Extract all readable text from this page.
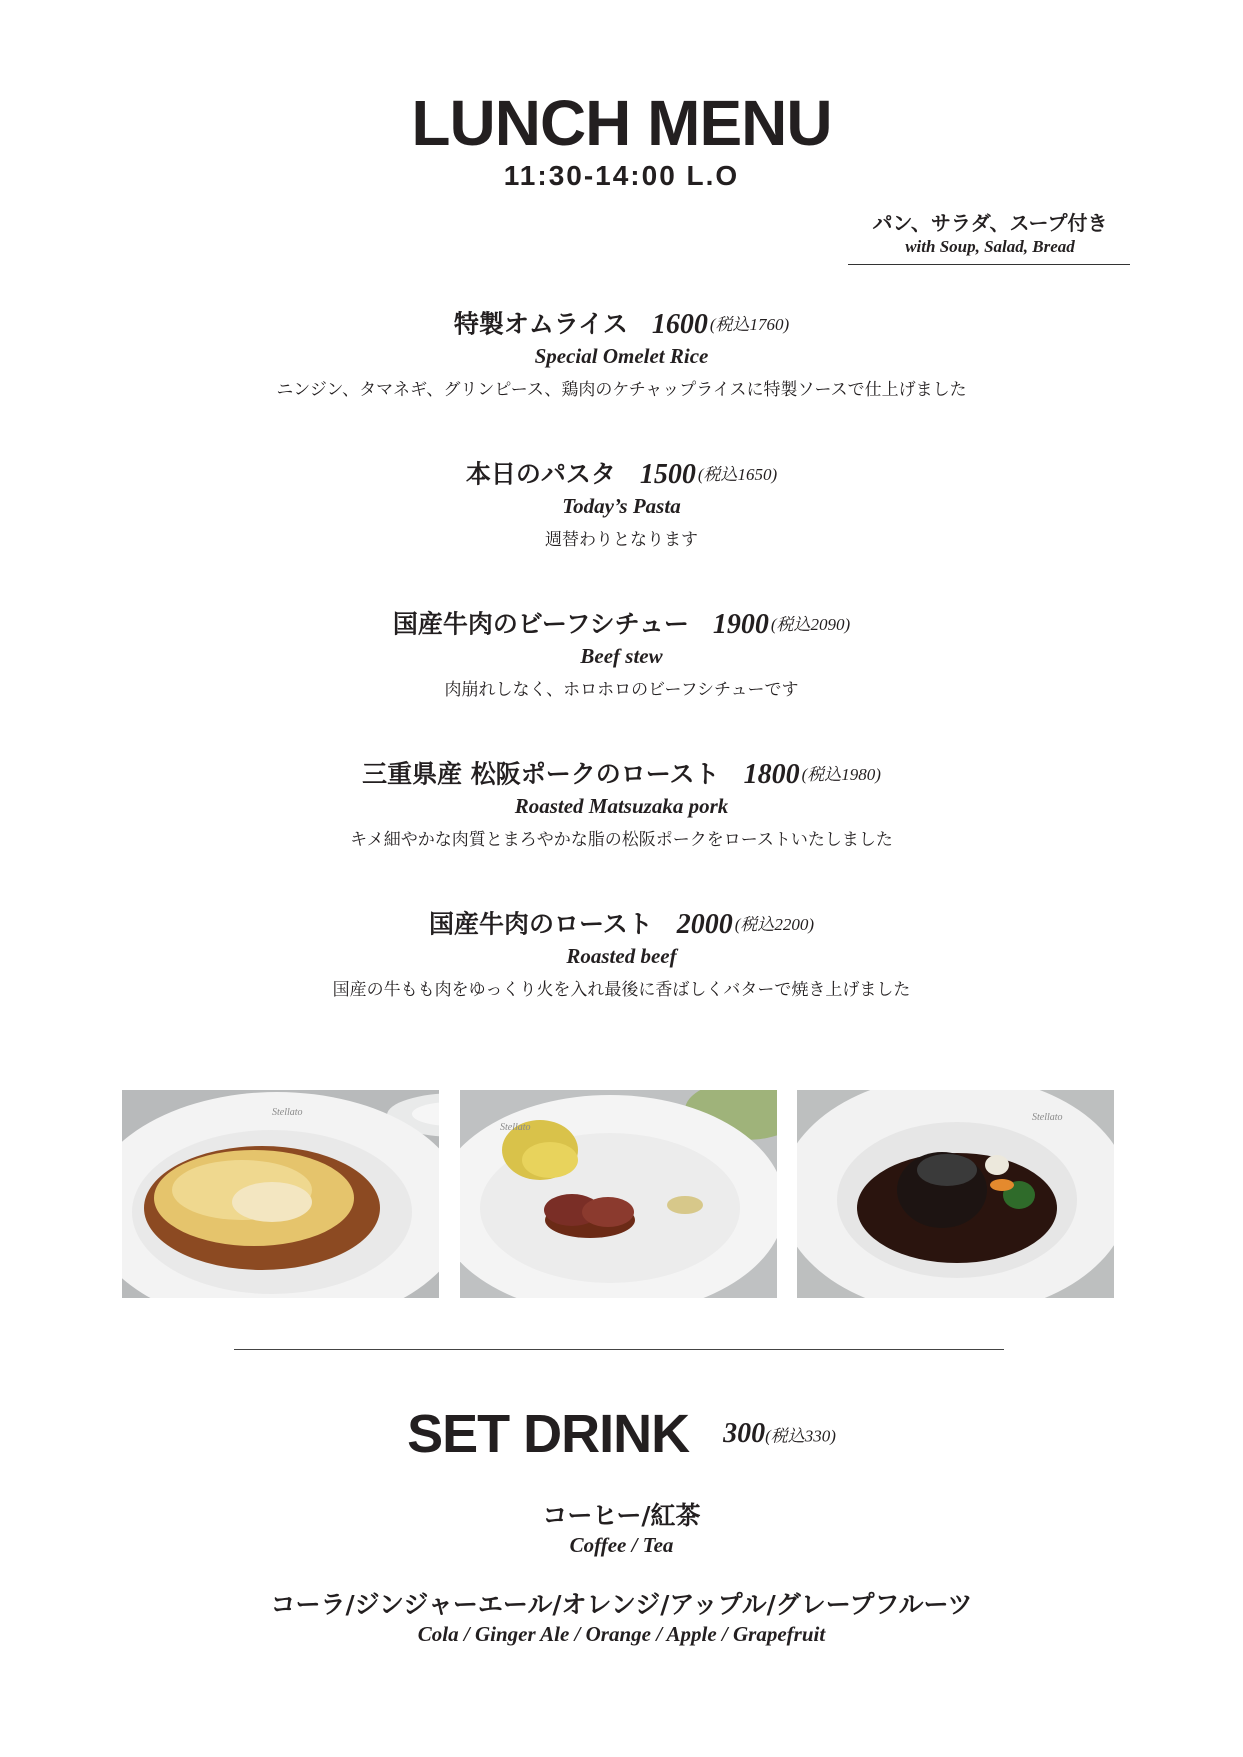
LUNCH MENU
11:30-14:00 L.O
パン、サラダ、スープ付き
with Soup, Salad, Bread
特製オムライス 1600 (税込1760)
Special Omelet Rice
ニンジン、タマネギ、グリンピース、鶏肉のケチャップライスに特製ソースで仕上げました
本日のパスタ 1500 (税込1650)
Today’s Pasta
週替わりとなります
国産牛肉のビーフシチュー 1900 (税込2090)
Beef stew
肉崩れしなく、ホロホロのビーフシチューです
三重県産 松阪ポークのロースト 1800 (税込1980)
Roasted Matsuzaka pork
キメ細やかな肉質とまろやかな脂の松阪ポークをローストいたしました
国産牛肉のロースト 2000 (税込2200)
Roasted beef
国産の牛もも肉をゆっくり火を入れ最後に香ばしくバターで焼き上げました
Stellato
Stellato
Stellato
SET DRINK 300(税込330)
コーヒー/紅茶
Coffee / Tea
コーラ/ジンジャーエール/オレンジ/アップル/グレープフルーツ
Cola / Ginger Ale / Orange / Apple / Grapefruit
